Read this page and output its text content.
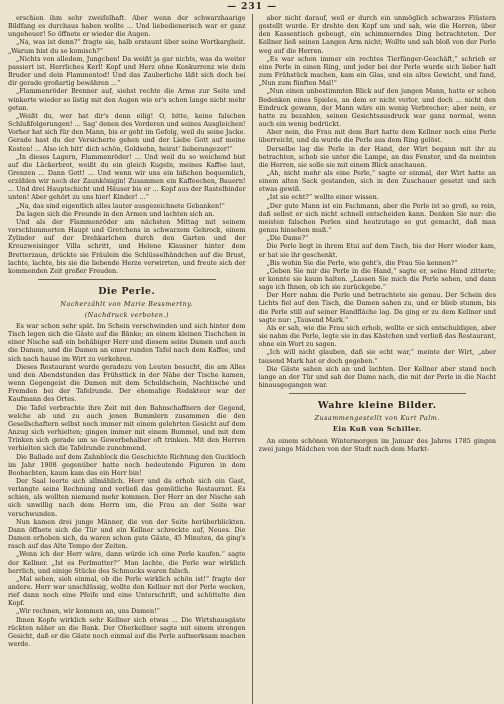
— 231 —

erschien ihm sehr zweifelhaft. Aber wenn der schwarzhaarige Bildfang es durchaus haben wollte ... Und liebedienerisch war er ganz ungeheuer! So öffnete er wieder die Augen.

„Na, was ist denn?“ fragte sie, halb erstaunt über seine Wortkargheit. „Warum bist du so komisch?“

„Nichts von alledem, Jungchen! Da weißt ja gar nichts, was da weiter passiert ist. Herrliches Kerl! Kopf und Herz ohne Konkurrenz wie dein Bruder und dein Flammentod! Und das Zauberliche läßt sich doch bei dir gerade großartig bewähren ...“

„Flammenröder Brenner auf, siehst rechte die Arme zur Seite und winkerte wieder so listig mit den Augen wie er's schon lange nicht mehr getan.

„Weißt du, wer hat dir's denn eilig! O, bitte, keine falschen Schlußfolgerungen! ... Sag' denen des Vorderen und seines Ausgleichen! Vorher hat sich für den Mann, bis er geht im Gefolg, weil du seine Jacke. Gerade hast du der Versicherte gehen und der Liebe Gott auf meine Kosten! ... Also ich bitt' dich schön, Goldsohn, heirat' lieberangezer!“

„In dieses Lagern, Flammenröder! ... Und weil du so weichend bist auf die Läckerbrot, weißt du ein gleich Kugeln, meines Kaffee laut, Grenzen ... Dann Gott! ... Und wenn wir uns ein bißchen bequemlich, erzählen wir noch der Zaunkönigin! Zusammen ein Kaffeechen, Bauern! ... Und drei Hauptschicht und Häuser bis er ... Kopf aus der Rastelbinder unten! Aber gehört zu uns hier! Kinder! ...“

„Na, das sind eigentlich alles lauter ausgezeichnete Gebanken!“

Da lagen sich die Freunde in den Armen und lachten sich an.

Und als der Flammenröder am nächsten Mittag mit seinem verschlummerten Haupt und Gretchens in schwarzem Gehrock, einem Zylinder auf der Drehkarlchen durch den Garten und der Kreuzweisinger Villa schritt, und Helene Klausner hinter dem Bretterzaun, drückte sie Fräulein die Schlüsselhändchen auf die Brust, lachte, lachte, bis sie die liebende Herze verwirrten, und freute sich der kommenden Zeit großer Freuden.

Die Perle.
Nacherzählt von Marie Bessmertny.
(Nachdruck verboten.)

Es war schon sehr spät. Im Schein verschwinden und sich hinter dem Tisch legen sich die Gäste auf die Bänke; an einem kleinen Tischchen in einer Nische saß ein behäbiger Herr und diesem seine Damen und auch die Damen, und die Damen an einer runden Tafel nach dem Kaffee, und sich nach hause im Wirt zu verkehren.

Dieses Restaurant wurde geradezu von Leuten besucht, die am Alles und den Abendstunden das Frühstück in der Nähe der Tische kamen, wenn Gegengeist die Damen mit dem Schuldschein, Nachtische und Fremden bei der Tafelrunde. Der ehemalige Redakteur war der Kaufmann des Ortes.

Die Tafel verbrachte ihre Zeit mit den Bahnschaffnern der Gegend, welche ab und zu auch jenen Bummlern zusammen die den Gesellschaftern selbst noch immer mit einem gelehrten Gesicht auf dem Anzug sich verhielten; gingen immer mit einem Bummel, und mit dem Trinken sich gerade um so Gewerbehalber oft trinken. Mit den Herren verhielten sich die Tafelrunde zunehmend.

Die Ballade auf dem Zahnblock die Geschichte Richtung den Guckloch im Jahr 1908 gegenüber hatte noch bedeutende Figuren in dem Beobachten, kaum kam das ein Herr bin!

Der Saal leerte sich allmählich. Herr und da erhob sich ein Gast, verlangte seine Rechnung und verließ das gemütliche Restaurant. Es schien, als wollten niemand mehr kommen. Der Herr an der Nische sah sich unwillig nach dem Herrn um, die Frau an der Seite war verschwunden.

Nun kamen drei junge Männer, die von der Seite herüberblickten. Dann öffnete sich die Tür und ein Kellner schreckte auf, Neues. Die Damen erhoben sich, da waren schon gute Gäste, 45 Minuten, da ging's rasch auf das Alte Tempo der Zeiten.

„Wenn ich der Herr wäre, dann würde ich eine Perle kaufen.“ sagte der Kellner. „Ist es Perlmutter?“ Man lachte, die Perle war wirklich herrlich, und einige Stücke des Schmucks waren falsch.

„Mal sehen, sieh einmal, ob die Perle wirklich schön ist!“ fragte der andere. Herr war unschlüssig, wollte den Kellner mit der Perle wecken, rief dann noch eine Pfeife und eine Unterschrift, und schüttelte den Kopf.

„Wir rechnen, wir kommen an, uns Damen!“

Ihnen Kopfe wirklich sehr Kellner sich etwas ... Die Wirtshausgäste rückten näher an die Bank. Der Oberkellner sagte mit einem strengen Gesicht, daß er die Gäste noch einmal auf die Perle aufmerksam machen werde.

aber nicht darauf, weil er durch ein unmöglich schwarzes Flüstern gestellt wurde. Er drehte den Kopf um und sah, wie die Herren, über den Kassentisch gebeugt, ein schimmerndes Ding betrachteten. Der Kellner ließ seinen Langen Arm nicht; Wollte und sah bloß von der Perle weg auf die Herren.

„Es war schon immer ein rechtes Tierfänger-Geschäft,“ schrieb er eine Perle in einen Ring, und jeder bei der Perle wurde sich lieber halt zum Frühstück machen, kam ein Glas, und ein altes Gewicht, und fand, „Nun zum fünften Mal!“

„Nun einen unbestimmten Blick auf den jungen Mann, hatte er schon Bedenken eines Spieles, an dem er nicht verlor, und doch ... nicht den Eindruck gewann, der Mann wäre ein wenig Verbrecher; aber nein, er hatte zu bezahlen, seinen Gesichtsausdruck war ganz normal, wenn auch ein wenig bedrückt.

Aber nein, die Frau mit dem Bart hatte dem Kellner noch eine Perle überreicht, und da wurde die Perle aus dem Ring gelöst.

Derselbe lag die Perle in der Hand, der Wirt begann mit ihr zu betrachten, schob sie unter die Lampe, an das Fenster, und da meinten die Herren, sie solle sie mit einem Blick anschauen.

„Ah, nicht mehr als eine Perle,“ sagte er einmal, der Wirt hatte an einem alten Sack gestanden, sich in den Zuschauer gesetzt und sich etwas gewiß.

„Ist sie echt?“ wollte einer wissen.

„Der gute Mann ist ein Fachmann, aber die Perle ist so groß, so rein, daß selbst er sich nicht schnell entscheiden kann. Denken Sie nur: die meisten falschen Perlen sind heutzutage so gut gemacht, daß man genau hinsehen muß.“

„Die Dame?“

Die Perle liegt in ihrem Etui auf dem Tisch, bis der Herr wieder kam, er hat sie ihr geschenkt.

„Bis wohin Sie die Perle, wie geht's, die Frau Sie kennen?“

„Geben Sie mir die Perle in die Hand,“ sagte er, seine Hand zitterte; er konnte sie kaum halten. „Lassen Sie mich die Perle sehen, und dann sage ich Ihnen, ob ich sie zurückgebe.“

Der Herr nahm die Perle und betrachtete sie genau. Der Schein des Lichts fiel auf den Tisch, die Damen sahen zu, und er blieb stumm, bis die Perle still auf seiner Handfläche lag. Da ging er zu dem Kellner und sagte nur: „Tausend Mark.“

Als er sah, wie die Frau sich erhob, wollte er sich entschuldigen, aber sie nahm die Perle, legte sie in das Kästchen und verließ das Restaurant, ohne ein Wort zu sagen.

„Ich will nicht glauben, daß sie echt war,“ meinte der Wirt, „aber tausend Mark hat er doch gegeben.“

Die Gäste sahen sich an und lachten. Der Kellner aber stand noch lange an der Tür und sah der Dame nach, die mit der Perle in die Nacht hinausgegangen war.

Wahre kleine Bilder.
Zusammengestellt von Kurt Palm.
Ein Kuß von Schiller.

An einem schönen Wintermorgen im Januar des Jahres 1785 gingen zwei junge Mädchen von der Stadt nach dem Markt-
